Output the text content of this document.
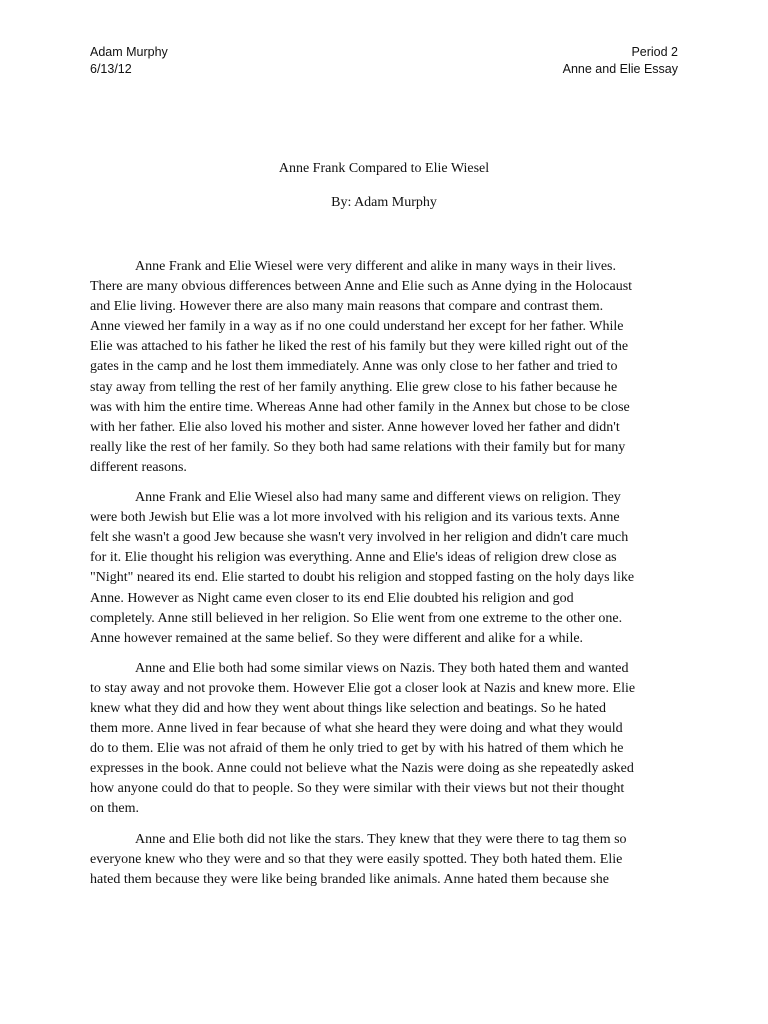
Adam Murphy
6/13/12
Period 2
Anne and Elie Essay
Anne Frank Compared to Elie Wiesel
By: Adam Murphy

Anne Frank and Elie Wiesel were very different and alike in many ways in their lives.
There are many obvious differences between Anne and Elie such as Anne dying in the Holocaust
and Elie living. However there are also many main reasons that compare and contrast them.
Anne viewed her family in a way as if no one could understand her except for her father. While
Elie was attached to his father he liked the rest of his family but they were killed right out of the
gates in the camp and he lost them immediately. Anne was only close to her father and tried to
stay away from telling the rest of her family anything. Elie grew close to his father because he
was with him the entire time. Whereas Anne had other family in the Annex but chose to be close
with her father. Elie also loved his mother and sister. Anne however loved her father and didn't
really like the rest of her family. So they both had same relations with their family but for many
different reasons.

Anne Frank and Elie Wiesel also had many same and different views on religion. They
were both Jewish but Elie was a lot more involved with his religion and its various texts. Anne
felt she wasn't a good Jew because she wasn't very involved in her religion and didn't care much
for it. Elie thought his religion was everything. Anne and Elie's ideas of religion drew close as
"Night" neared its end. Elie started to doubt his religion and stopped fasting on the holy days like
Anne. However as Night came even closer to its end Elie doubted his religion and god
completely. Anne still believed in her religion. So Elie went from one extreme to the other one.
Anne however remained at the same belief. So they were different and alike for a while.

Anne and Elie both had some similar views on Nazis. They both hated them and wanted
to stay away and not provoke them. However Elie got a closer look at Nazis and knew more. Elie
knew what they did and how they went about things like selection and beatings. So he hated
them more. Anne lived in fear because of what she heard they were doing and what they would
do to them. Elie was not afraid of them he only tried to get by with his hatred of them which he
expresses in the book. Anne could not believe what the Nazis were doing as she repeatedly asked
how anyone could do that to people. So they were similar with their views but not their thought
on them.

Anne and Elie both did not like the stars. They knew that they were there to tag them so
everyone knew who they were and so that they were easily spotted. They both hated them. Elie
hated them because they were like being branded like animals. Anne hated them because she
